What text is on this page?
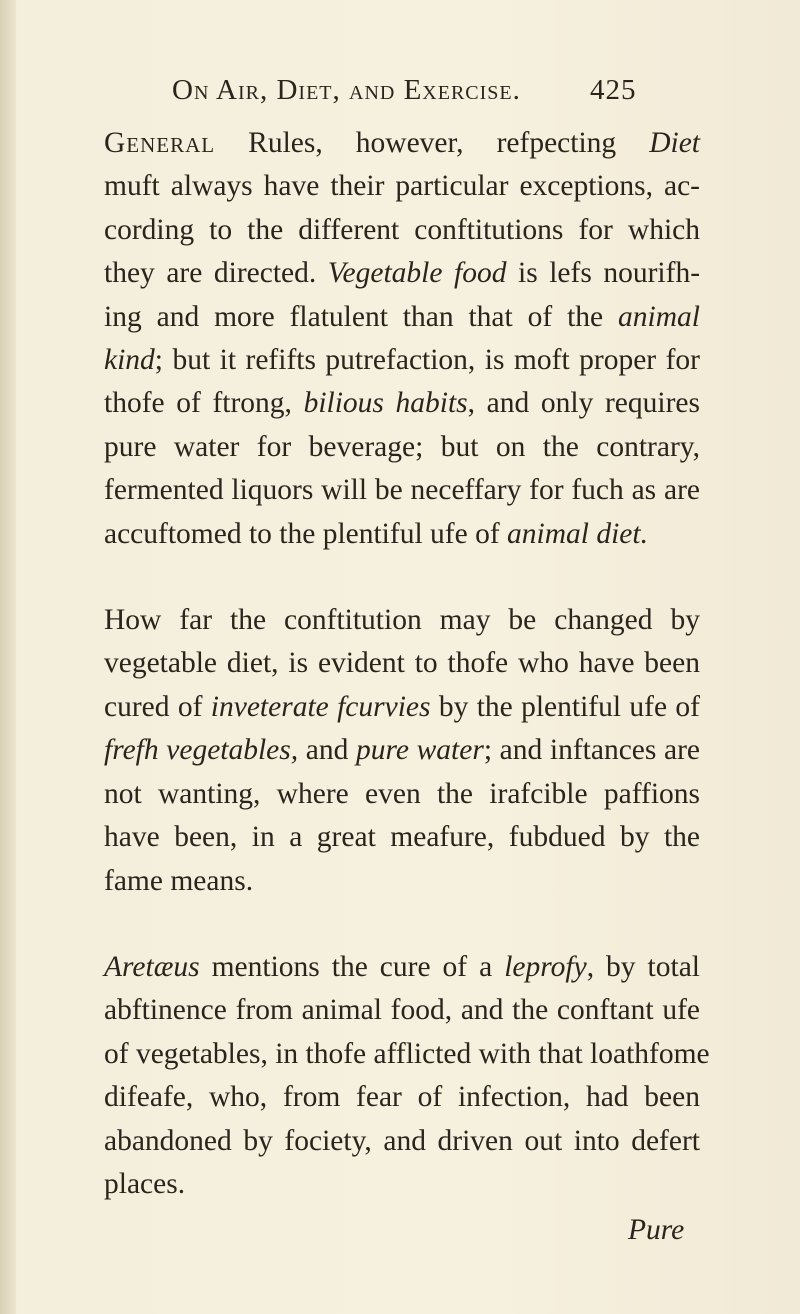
On Air, Diet, and Exercise. 425
General Rules, however, refpecting Diet
muft always have their particular exceptions, ac-
cording to the different conftitutions for which
they are directed. Vegetable food is lefs nourifh-
ing and more flatulent than that of the animal
kind; but it refifts putrefaction, is moft proper for
thofe of ftrong, bilious habits, and only requires
pure water for beverage; but on the contrary,
fermented liquors will be neceffary for fuch as are
accuftomed to the plentiful ufe of animal diet.
How far the conftitution may be changed by
vegetable diet, is evident to thofe who have been
cured of inveterate fcurvies by the plentiful ufe of
frefh vegetables, and pure water; and inftances are
not wanting, where even the irafcible paffions
have been, in a great meafure, fubdued by the
fame means.
Aretæus mentions the cure of a leprofy, by total
abftinence from animal food, and the conftant ufe
of vegetables, in thofe afflicted with that loathfome
difeafe, who, from fear of infection, had been
abandoned by fociety, and driven out into defert
places.
Pure
